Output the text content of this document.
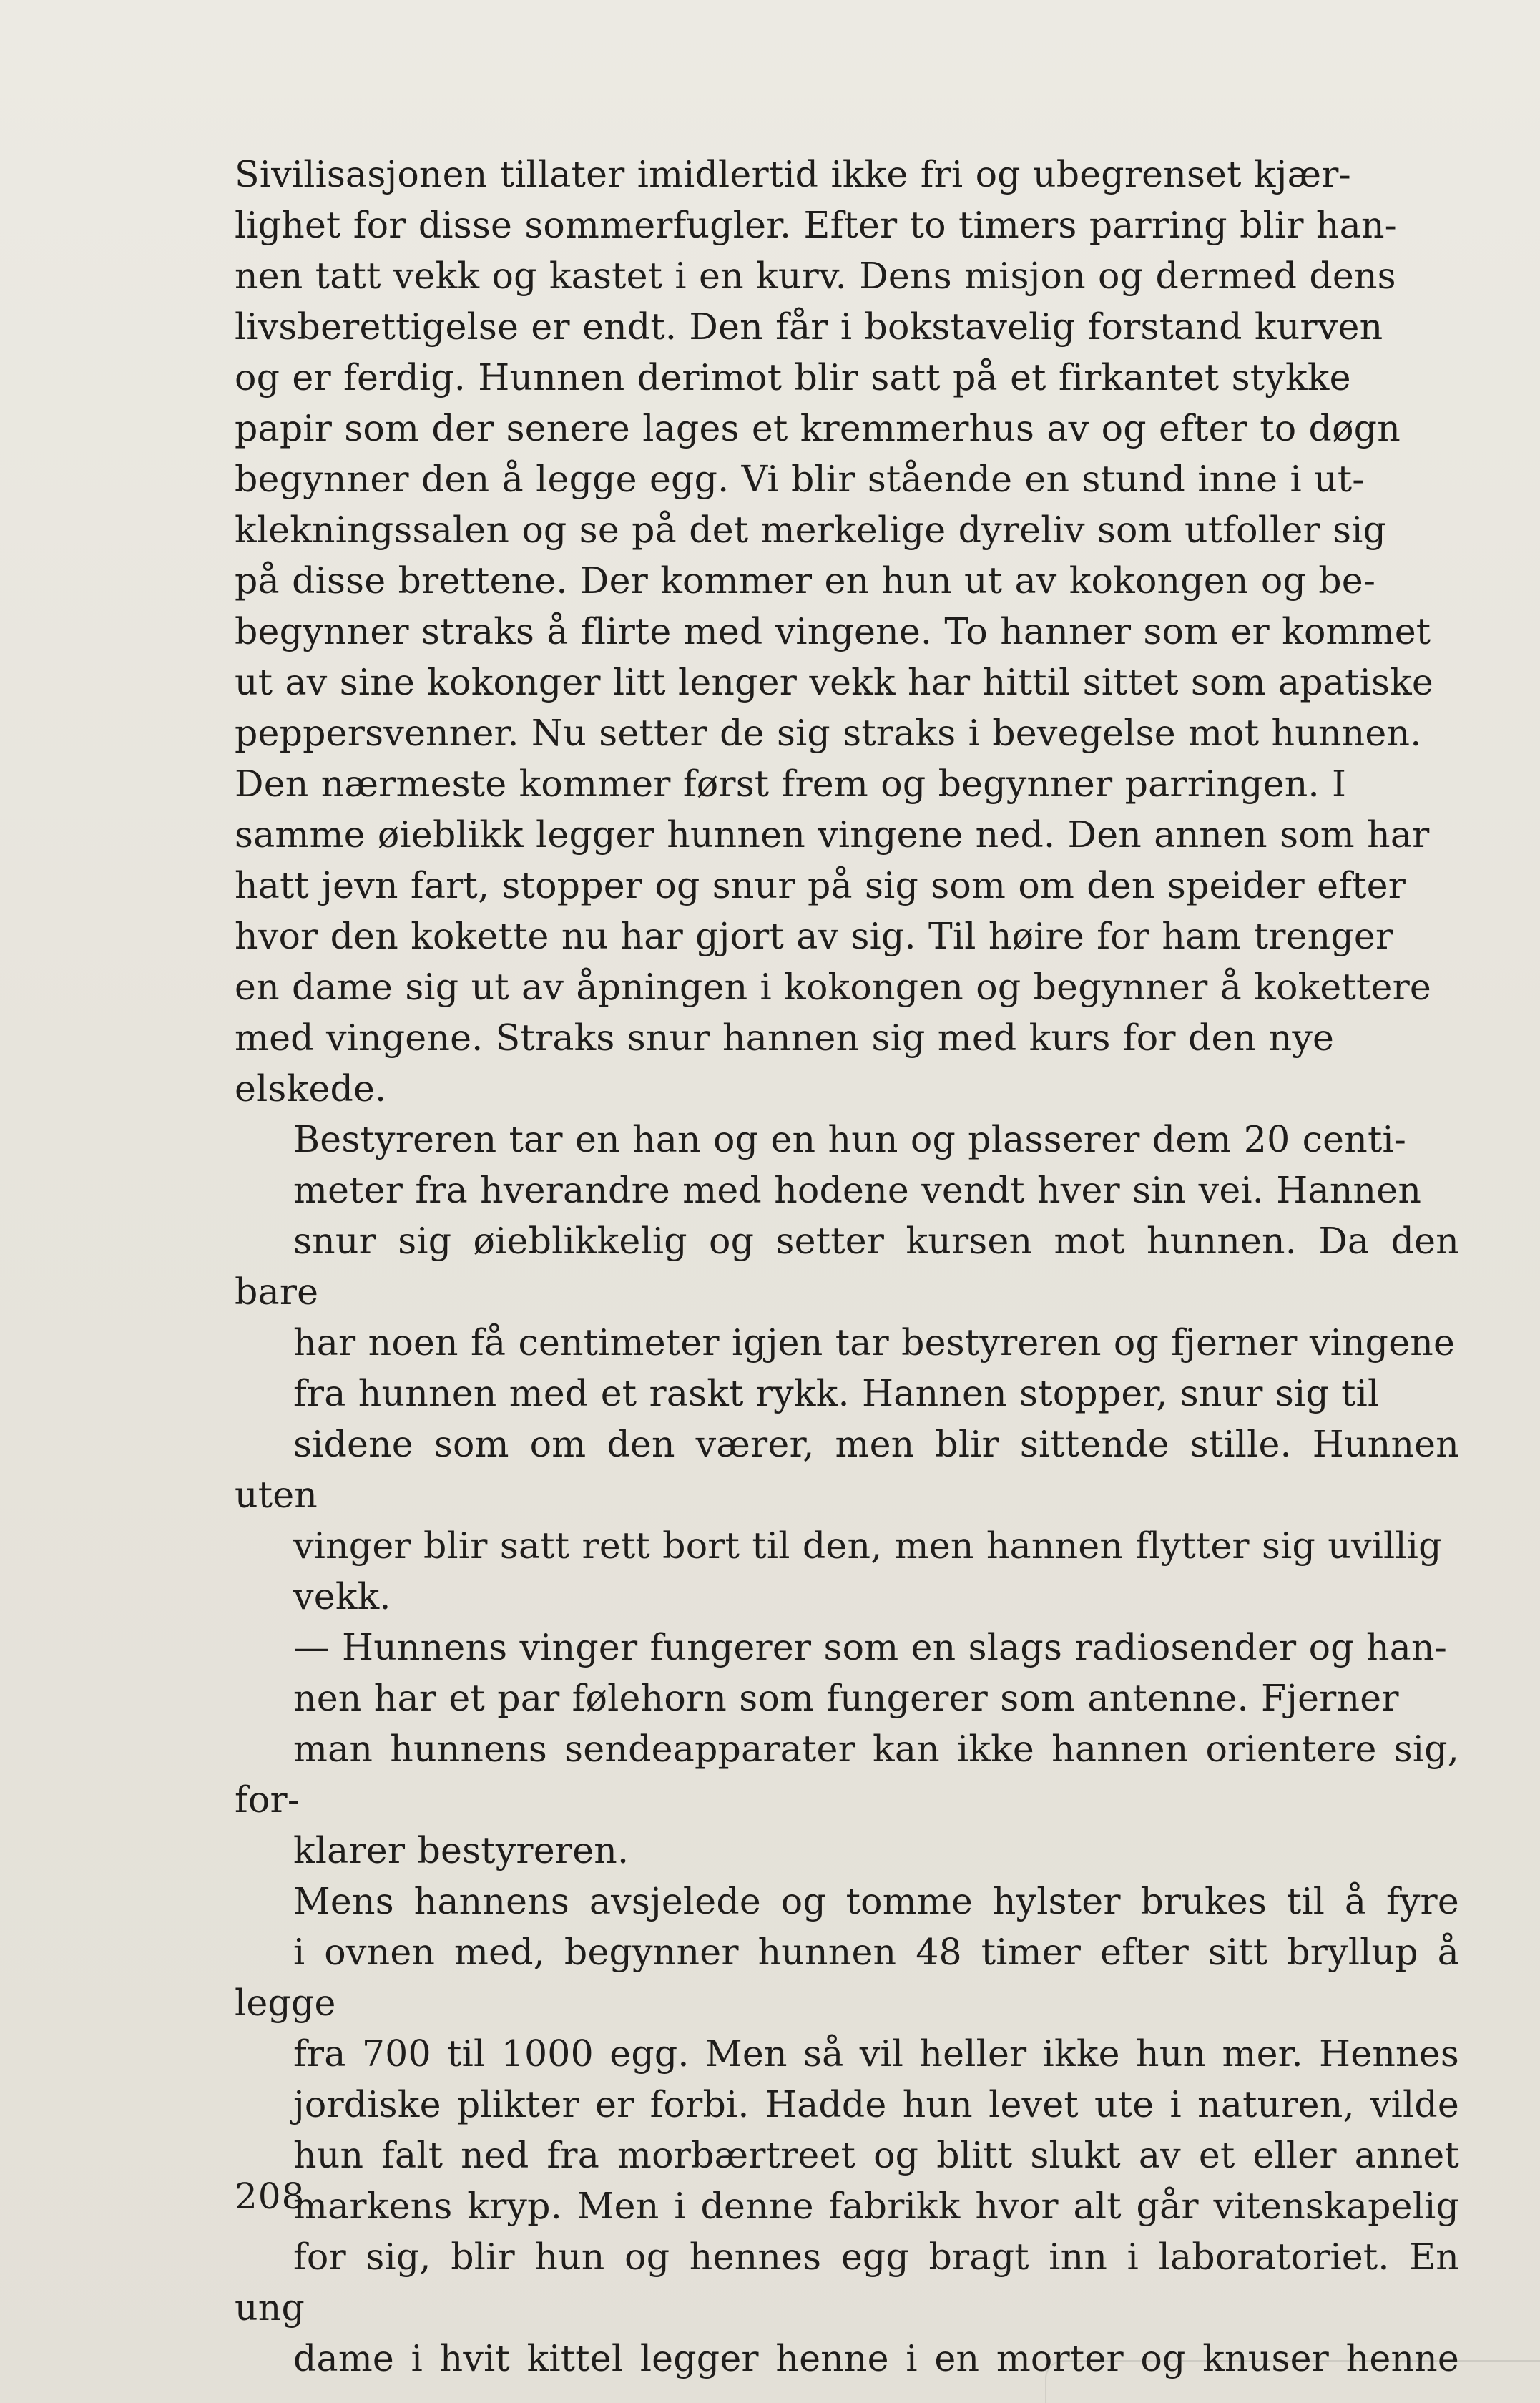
Sivilisasjonen tillater imidlertid ikke fri og ubegrenset kjær-
lighet for disse sommerfugler. Efter to timers parring blir han-
nen tatt vekk og kastet i en kurv. Dens misjon og dermed dens
livsberettigelse er endt. Den får i bokstavelig forstand kurven
og er ferdig. Hunnen derimot blir satt på et firkantet stykke
papir som der senere lages et kremmerhus av og efter to døgn
begynner den å legge egg. Vi blir stående en stund inne i ut-
klekningssalen og se på det merkelige dyreliv som utfoller sig
på disse brettene. Der kommer en hun ut av kokongen og be-
begynner straks å flirte med vingene. To hanner som er kommet
ut av sine kokonger litt lenger vekk har hittil sittet som apatiske
peppersvenner. Nu setter de sig straks i bevegelse mot hunnen.
Den nærmeste kommer først frem og begynner parringen. I
samme øieblikk legger hunnen vingene ned. Den annen som har
hatt jevn fart, stopper og snur på sig som om den speider efter
hvor den kokette nu har gjort av sig. Til høire for ham trenger
en dame sig ut av åpningen i kokongen og begynner å kokettere
med vingene. Straks snur hannen sig med kurs for den nye
elskede.

Bestyreren tar en han og en hun og plasserer dem 20 centi-
meter fra hverandre med hodene vendt hver sin vei. Hannen
snur sig øieblikkelig og setter kursen mot hunnen. Da den bare
har noen få centimeter igjen tar bestyreren og fjerner vingene
fra hunnen med et raskt rykk. Hannen stopper, snur sig til
sidene som om den værer, men blir sittende stille. Hunnen uten
vinger blir satt rett bort til den, men hannen flytter sig uvillig
vekk.

— Hunnens vinger fungerer som en slags radiosender og han-
nen har et par følehorn som fungerer som antenne. Fjerner
man hunnens sendeapparater kan ikke hannen orientere sig, for-
klarer bestyreren.

Mens hannens avsjelede og tomme hylster brukes til å fyre
i ovnen med, begynner hunnen 48 timer efter sitt bryllup å legge
fra 700 til 1000 egg. Men så vil heller ikke hun mer. Hennes
jordiske plikter er forbi. Hadde hun levet ute i naturen, vilde
hun falt ned fra morbærtreet og blitt slukt av et eller annet
markens kryp. Men i denne fabrikk hvor alt går vitenskapelig
for sig, blir hun og hennes egg bragt inn i laboratoriet. En ung
dame i hvit kittel legger henne i en morter og knuser henne

208
